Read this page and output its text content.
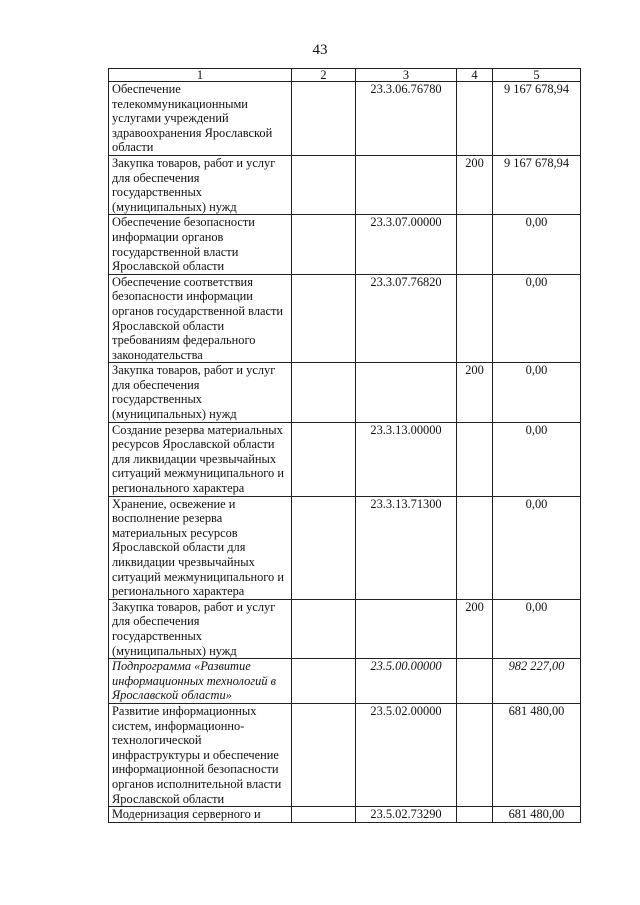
43
1	2	3	4	5
Обеспечение телекоммуникационными услугами учреждений здравоохранения Ярославской области		23.3.06.76780		9 167 678,94
Закупка товаров, работ и услуг для обеспечения государственных (муниципальных) нужд			200	9 167 678,94
Обеспечение безопасности информации органов государственной власти Ярославской области		23.3.07.00000		0,00
Обеспечение соответствия безопасности информации органов государственной власти Ярославской области требованиям федерального законодательства		23.3.07.76820		0,00
Закупка товаров, работ и услуг для обеспечения государственных (муниципальных) нужд			200	0,00
Создание резерва материальных ресурсов Ярославской области для ликвидации чрезвычайных ситуаций межмуниципального и регионального характера		23.3.13.00000		0,00
Хранение, освежение и восполнение резерва материальных ресурсов Ярославской области для ликвидации чрезвычайных ситуаций межмуниципального и регионального характера		23.3.13.71300		0,00
Закупка товаров, работ и услуг для обеспечения государственных (муниципальных) нужд			200	0,00
Подпрограмма «Развитие информационных технологий в Ярославской области»		23.5.00.00000		982 227,00
Развитие информационных систем, информационно-технологической инфраструктуры и обеспечение информационной безопасности органов исполнительной власти Ярославской области		23.5.02.00000		681 480,00
Модернизация серверного и		23.5.02.73290		681 480,00
